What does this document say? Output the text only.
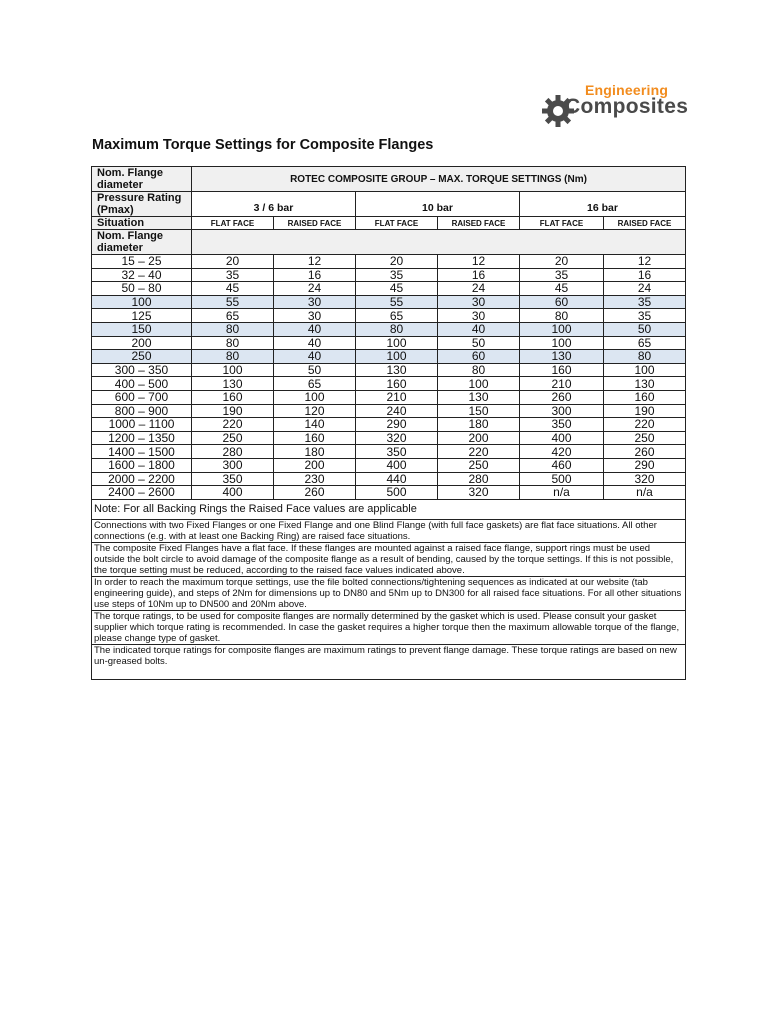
Engineering
Composites
Maximum Torque Settings for Composite Flanges
Nom. Flange diameter	ROTEC COMPOSITE GROUP – MAX. TORQUE SETTINGS (Nm)					
Pressure Rating (Pmax)	3 / 6 bar		10 bar		16 bar	
Situation	FLAT FACE	RAISED FACE	FLAT FACE	RAISED FACE	FLAT FACE	RAISED FACE
Nom. Flange diameter						
15 – 25	20	12	20	12	20	12
32 – 40	35	16	35	16	35	16
50 – 80	45	24	45	24	45	24
100	55	30	55	30	60	35
125	65	30	65	30	80	35
150	80	40	80	40	100	50
200	80	40	100	50	100	65
250	80	40	100	60	130	80
300 – 350	100	50	130	80	160	100
400 – 500	130	65	160	100	210	130
600 – 700	160	100	210	130	260	160
800 – 900	190	120	240	150	300	190
1000 – 1100	220	140	290	180	350	220
1200 – 1350	250	160	320	200	400	250
1400 – 1500	280	180	350	220	420	260
1600 – 1800	300	200	400	250	460	290
2000 – 2200	350	230	440	280	500	320
2400 – 2600	400	260	500	320	n/a	n/a
Note: For all Backing Rings the Raised Face values are applicable						
Connections with two Fixed Flanges or one Fixed Flange and one Blind Flange (with full face gaskets) are flat face situations. All other connections (e.g. with at least one Backing Ring) are raised face situations.						
The composite Fixed Flanges have a flat face. If these flanges are mounted against a raised face flange, support rings must be used outside the bolt circle to avoid damage of the composite flange as a result of bending, caused by the torque settings. If this is not possible, the torque setting must be reduced, according to the raised face values indicated above.						
In order to reach the maximum torque settings, use the file bolted connections/tightening sequences as indicated at our website (tab engineering guide), and steps of 2Nm for dimensions up to DN80 and 5Nm up to DN300 for all raised face situations. For all other situations use steps of 10Nm up to DN500 and 20Nm above.						
The torque ratings, to be used for composite flanges are normally determined by the gasket which is used. Please consult your gasket supplier which torque rating is recommended. In case the gasket requires a higher torque then the maximum allowable torque of the flange, please change type of gasket.						
The indicated torque ratings for composite flanges are maximum ratings to prevent flange damage. These torque ratings are based on new un-greased bolts.						
